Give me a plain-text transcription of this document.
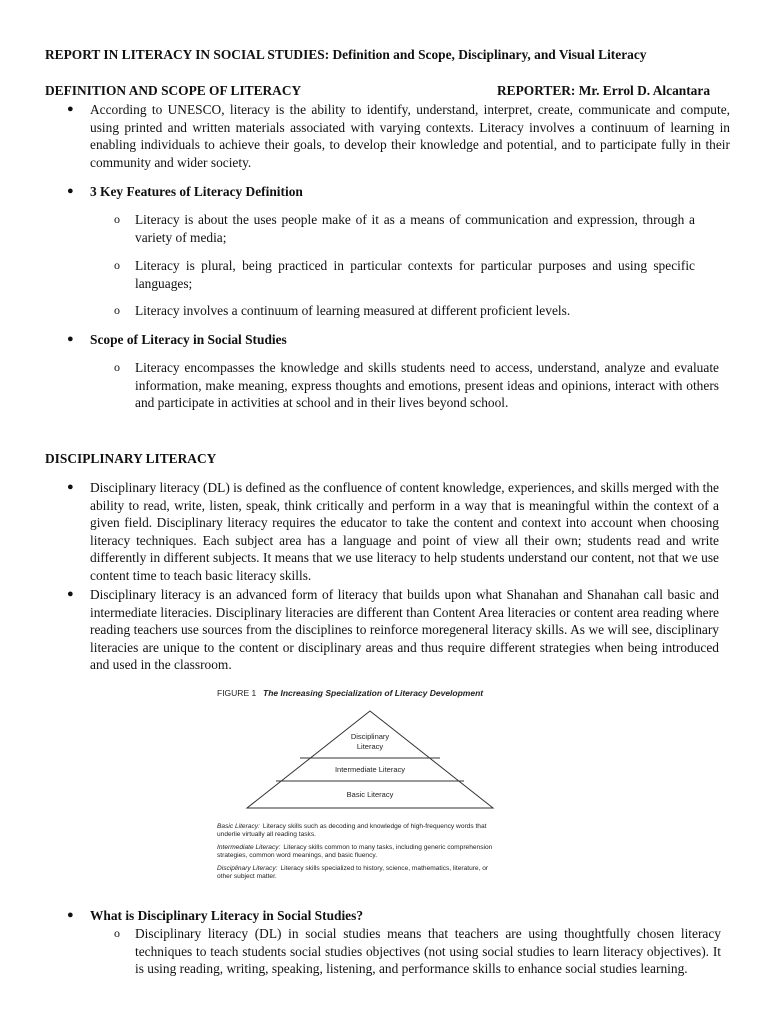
REPORT IN LITERACY IN SOCIAL STUDIES: Definition and Scope, Disciplinary, and Visual Literacy
DEFINITION AND SCOPE OF LITERACY	REPORTER: Mr. Errol D. Alcantara
● According to UNESCO, literacy is the ability to identify, understand, interpret, create, communicate and compute, using printed and written materials associated with varying contexts. Literacy involves a continuum of learning in enabling individuals to achieve their goals, to develop their knowledge and potential, and to participate fully in their community and wider society.
● 3 Key Features of Literacy Definition
o Literacy is about the uses people make of it as a means of communication and expression, through a variety of media;
o Literacy is plural, being practiced in particular contexts for particular purposes and using specific languages;
o Literacy involves a continuum of learning measured at different proficient levels.
● Scope of Literacy in Social Studies
o Literacy encompasses the knowledge and skills students need to access, understand, analyze and evaluate information, make meaning, express thoughts and emotions, present ideas and opinions, interact with others and participate in activities at school and in their lives beyond school.
DISCIPLINARY LITERACY
● Disciplinary literacy (DL) is defined as the confluence of content knowledge, experiences, and skills merged with the ability to read, write, listen, speak, think critically and perform in a way that is meaningful within the context of a given field. Disciplinary literacy requires the educator to take the content and context into account when choosing literacy techniques. Each subject area has a language and point of view all their own; students read and write differently in different subjects. It means that we use literacy to help students understand our content, not that we use content time to teach basic literacy skills.
● Disciplinary literacy is an advanced form of literacy that builds upon what Shanahan and Shanahan call basic and intermediate literacies. Disciplinary literacies are different than Content Area literacies or content area reading where reading teachers use sources from the disciplines to reinforce moregeneral literacy skills. As we will see, disciplinary literacies are unique to the content or disciplinary areas and thus require different strategies when being introduced and used in the classroom.
FIGURE 1 The Increasing Specialization of Literacy Development
Disciplinary
Literacy
Intermediate Literacy
Basic Literacy
Basic Literacy: Literacy skills such as decoding and knowledge of high-frequency words that
underlie virtually all reading tasks.
Intermediate Literacy: Literacy skills common to many tasks, including generic comprehension
strategies, common word meanings, and basic fluency.
Disciplinary Literacy: Literacy skills specialized to history, science, mathematics, literature, or
other subject matter.
● What is Disciplinary Literacy in Social Studies?
o Disciplinary literacy (DL) in social studies means that teachers are using thoughtfully chosen literacy techniques to teach students social studies objectives (not using social studies to learn literacy objectives). It is using reading, writing, speaking, listening, and performance skills to enhance social studies learning.
